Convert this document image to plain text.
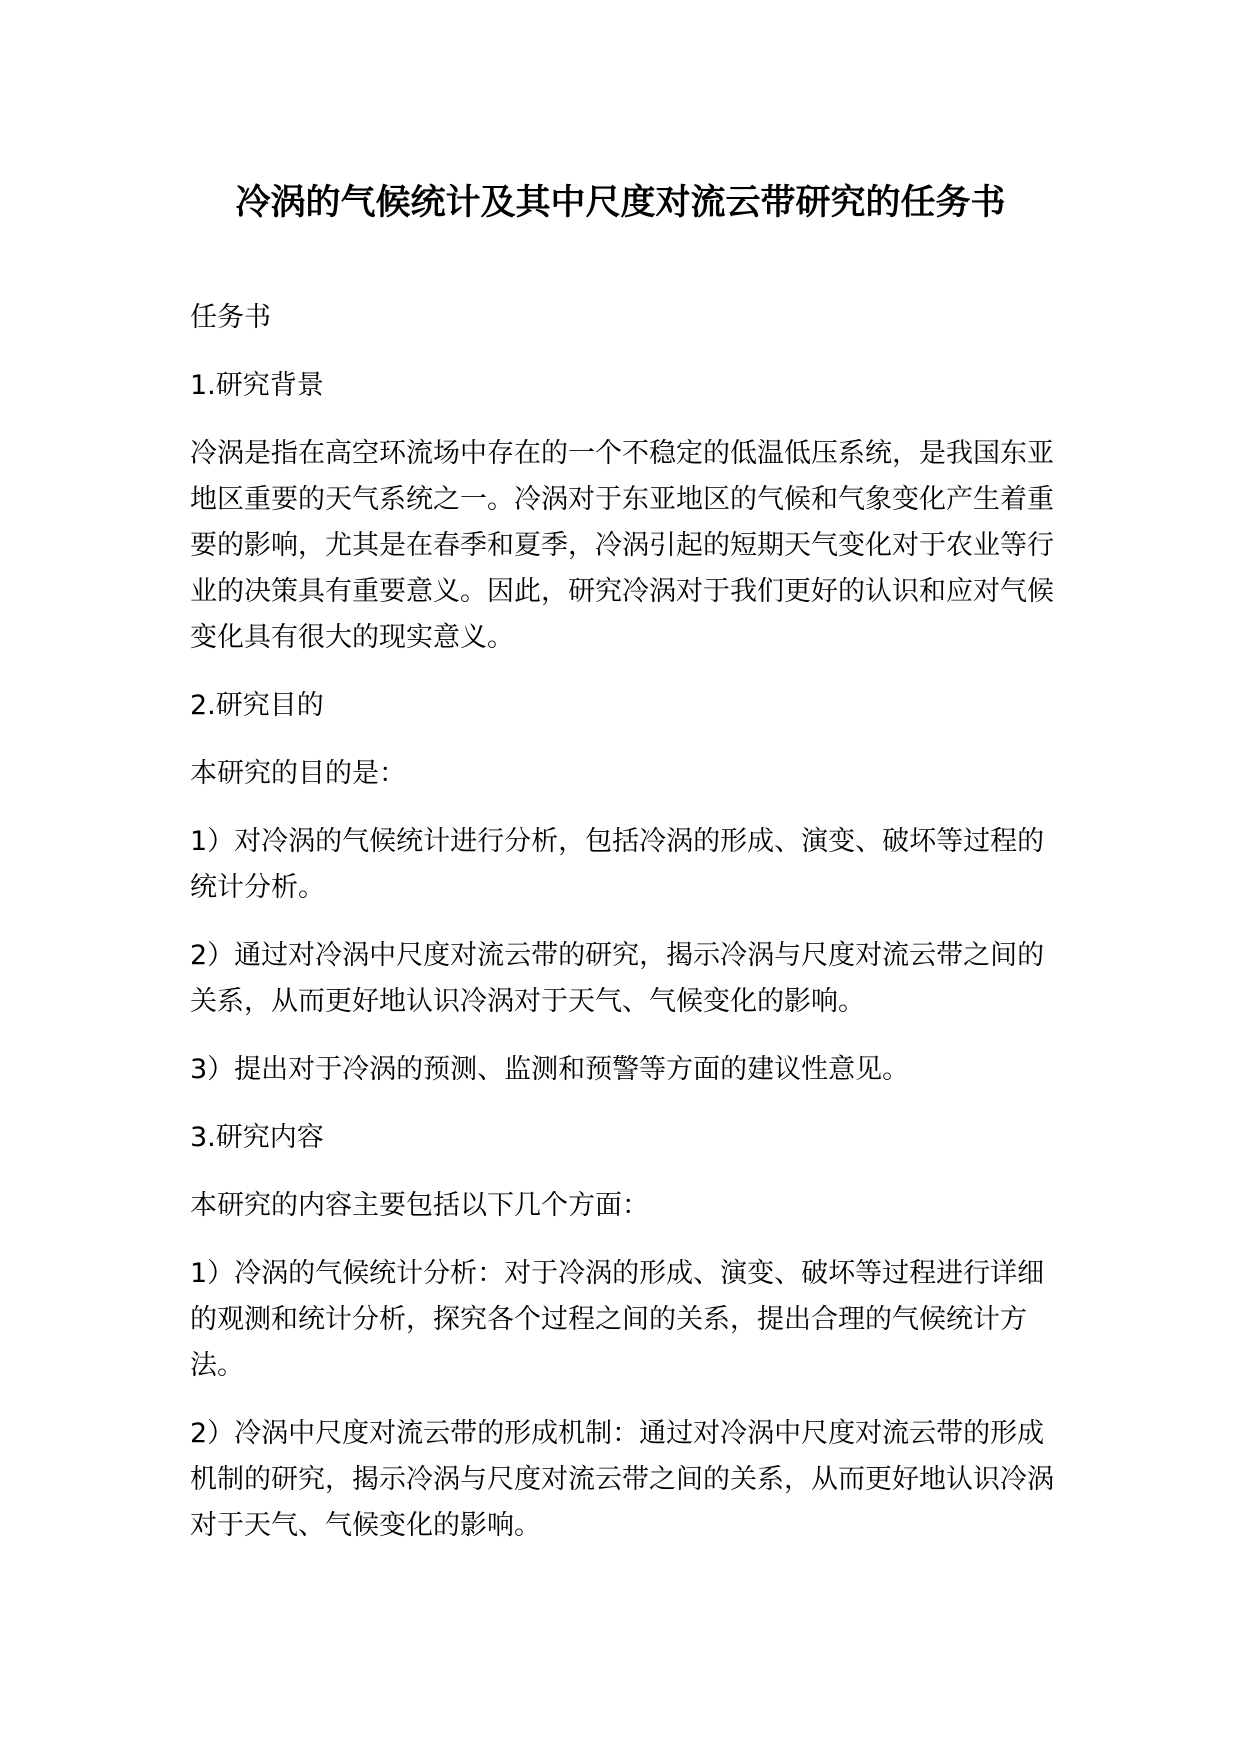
冷涡的气候统计及其中尺度对流云带研究的任务书

任务书

1.研究背景

冷涡是指在高空环流场中存在的一个不稳定的低温低压系统，是我国东亚地区重要的天气系统之一。冷涡对于东亚地区的气候和气象变化产生着重要的影响，尤其是在春季和夏季，冷涡引起的短期天气变化对于农业等行业的决策具有重要意义。因此，研究冷涡对于我们更好的认识和应对气候变化具有很大的现实意义。

2.研究目的

本研究的目的是：

1）对冷涡的气候统计进行分析，包括冷涡的形成、演变、破坏等过程的统计分析。

2）通过对冷涡中尺度对流云带的研究，揭示冷涡与尺度对流云带之间的关系，从而更好地认识冷涡对于天气、气候变化的影响。

3）提出对于冷涡的预测、监测和预警等方面的建议性意见。

3.研究内容

本研究的内容主要包括以下几个方面：

1）冷涡的气候统计分析：对于冷涡的形成、演变、破坏等过程进行详细的观测和统计分析，探究各个过程之间的关系，提出合理的气候统计方法。

2）冷涡中尺度对流云带的形成机制：通过对冷涡中尺度对流云带的形成机制的研究，揭示冷涡与尺度对流云带之间的关系，从而更好地认识冷涡对于天气、气候变化的影响。
